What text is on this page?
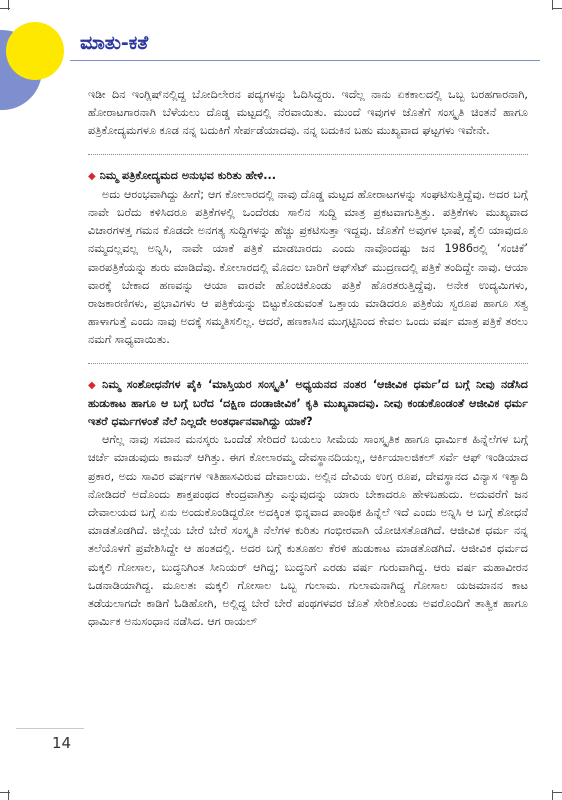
ಮಾತು-ಕತೆ

ಇಡೀ ದಿನ ಇಂಗ್ಲಿಷ್‌ನಲ್ಲಿದ್ದ ಬೋದಿಲೇರನ ಪದ್ಯಗಳನ್ನು ಓದಿಸಿದ್ದರು. ಇದೆಲ್ಲ ನಾನು ಏಕಕಾಲದಲ್ಲಿ ಒಬ್ಬ ಬರಹಗಾರನಾಗಿ, ಹೋರಾಟಗಾರನಾಗಿ ಬೆಳೆಯಲು ದೊಡ್ಡ ಮಟ್ಟದಲ್ಲಿ ನೆರವಾಯಿತು. ಮುಂದೆ ಇವುಗಳ ಜೊತೆಗೆ ಸಂಸ್ಕೃತಿ ಚಿಂತನೆ ಹಾಗೂ ಪತ್ರಿಕೋದ್ಯಮಗಳೂ ಕೂಡ ನನ್ನ ಬದುಕಿಗೆ ಸೇರ್ಪಡೆಯಾದವು. ನನ್ನ ಬದುಕಿನ ಬಹು ಮುಖ್ಯವಾದ ಘಟ್ಟಗಳು ಇವೇನೇ.

◆ ನಿಮ್ಮ ಪತ್ರಿಕೋದ್ಯಮದ ಅನುಭವ ಕುರಿತು ಹೇಳಿ...

ಅದು ಆರಂಭವಾಗಿದ್ದು ಹೀಗೆ; ಆಗ ಕೋಲಾರದಲ್ಲಿ ನಾವು ದೊಡ್ಡ ಮಟ್ಟದ ಹೋರಾಟಗಳನ್ನು ಸಂಘಟಿಸುತ್ತಿದ್ದೆವು. ಅದರ ಬಗ್ಗೆ ನಾವೇ ಬರೆದು ಕಳಿಸಿದರೂ ಪತ್ರಿಕೆಗಳಲ್ಲಿ ಒಂದೆರಡು ಸಾಲಿನ ಸುದ್ದಿ ಮಾತ್ರ ಪ್ರಕಟವಾಗುತ್ತಿತ್ತು. ಪತ್ರಿಕೆಗಳು ಮುಖ್ಯವಾದ ವಿಚಾರಗಳತ್ತ ಗಮನ ಕೊಡದೇ ಅನಗತ್ಯ ಸುದ್ದಿಗಳನ್ನು ಹೆಚ್ಚು ಪ್ರಕಟಿಸುತ್ತಾ ಇದ್ದವು. ಜೊತೆಗೆ ಅವುಗಳ ಭಾಷೆ, ಶೈಲಿ ಯಾವುದೂ ನಮ್ಮದಲ್ಲವಲ್ಲ ಅನ್ನಿಸಿ, ನಾವೇ ಯಾಕೆ ಪತ್ರಿಕೆ ಮಾಡಬಾರದು ಎಂದು ನಾವೊಂದಷ್ಟು ಜನ 1986ರಲ್ಲಿ ‘ಸಂಚಿಕೆ’ ವಾರಪತ್ರಿಕೆಯನ್ನು ಶುರು ಮಾಡಿದೆವು. ಕೋಲಾರದಲ್ಲಿ ಮೊದಲ ಬಾರಿಗೆ ಆಫ್‌ಸೆಟ್ ಮುದ್ರಣದಲ್ಲಿ ಪತ್ರಿಕೆ ತಂದಿದ್ದೇ ನಾವು. ಆಯಾ ವಾರಕ್ಕೆ ಬೇಕಾದ ಹಣವನ್ನು ಆಯಾ ವಾರವೇ ಹೊಂಚಿಕೊಂಡು ಪತ್ರಿಕೆ ಹೊರತರುತ್ತಿದ್ದೆವು. ಅನೇಕ ಉದ್ಯಮಿಗಳು, ರಾಜಕಾರಣಿಗಳು, ಪ್ರಭಾವಿಗಳು ಆ ಪತ್ರಿಕೆಯನ್ನು ಬಿಟ್ಟುಕೊಡುವಂತೆ ಒತ್ತಾಯ ಮಾಡಿದರೂ ಪತ್ರಿಕೆಯ ಸ್ವರೂಪ ಹಾಗೂ ಸತ್ವ ಹಾಳಾಗುತ್ತೆ ಎಂದು ನಾವು ಅದಕ್ಕೆ ಸಮ್ಮತಿಸಲಿಲ್ಲ. ಆದರೆ, ಹಣಕಾಸಿನ ಮುಗ್ಗಟ್ಟಿನಿಂದ ಕೇವಲ ಒಂದು ವರ್ಷ ಮಾತ್ರ ಪತ್ರಿಕೆ ತರಲು ನಮಗೆ ಸಾಧ್ಯವಾಯಿತು.

◆ ನಿಮ್ಮ ಸಂಶೋಧನೆಗಳ ಪೈಕಿ ‘ಮಾಸ್ತಿಯರ ಸಂಸ್ಕೃತಿ’ ಅಧ್ಯಯನದ ನಂತರ ‘ಆಜೀವಿಕ ಧರ್ಮ’ದ ಬಗ್ಗೆ ನೀವು ನಡೆಸಿದ ಹುಡುಕಾಟ ಹಾಗೂ ಆ ಬಗ್ಗೆ ಬರೆದ ‘ದಕ್ಷಿಣ ದಂಡಾಜೀವಿಕ’ ಕೃತಿ ಮುಖ್ಯವಾದವು. ನೀವು ಕಂಡುಕೊಂಡಂತೆ ಆಜೀವಿಕ ಧರ್ಮ ಇತರೆ ಧರ್ಮಗಳಂತೆ ನೆಲೆ ನಿಲ್ಲದೇ ಅಂತರ್ಧಾನವಾಗಿದ್ದು ಯಾಕೆ?

ಆಗೆಲ್ಲ ನಾವು ಸಮಾನ ಮನಸ್ಕರು ಒಂದೆಡೆ ಸೇರಿದರೆ ಬಯಲು ಸೀಮೆಯ ಸಾಂಸ್ಕೃತಿಕ ಹಾಗೂ ಧಾರ್ಮಿಕ ಹಿನ್ನೆಲೆಗಳ ಬಗ್ಗೆ ಚರ್ಚೆ ಮಾಡುವುದು ಕಾಮನ್ ಆಗಿತ್ತು. ಈಗ ಕೋಲಾರಮ್ಮ ದೇವಸ್ಥಾನದಿಯಲ್ಲ, ಆರ್ಕಿಯಾಲಜಿಕಲ್ ಸರ್ವೆ ಆಫ್ ಇಂಡಿಯಾದ ಪ್ರಕಾರ, ಅದು ಸಾವಿರ ವರ್ಷಗಳ ಇತಿಹಾಸವಿರುವ ದೇವಾಲಯ. ಅಲ್ಲಿನ ದೇವಿಯ ಉಗ್ರ ರೂಪ, ದೇವಸ್ಥಾನದ ವಿನ್ಯಾಸ ಇತ್ಯಾದಿ ನೋಡಿದರೆ ಅದೊಂದು ಶಾಕ್ತಪಂಥದ ಕೇಂದ್ರವಾಗಿತ್ತು ಎನ್ನುವುದನ್ನು ಯಾರು ಬೇಕಾದರೂ ಹೇಳಬಹುದು. ಅದುವರೆಗೆ ಜನ ದೇವಾಲಯದ ಬಗ್ಗೆ ಏನು ಅಂದುಕೊಂಡಿದ್ದರೋ ಅದಕ್ಕಿಂತ ಭಿನ್ನವಾದ ಪಾಂಥಿಕ ಹಿನ್ನೆಲೆ ಇದೆ ಎಂದು ಅನ್ನಿಸಿ ಆ ಬಗ್ಗೆ ಶೋಧನೆ ಮಾಡತೊಡಗಿದೆ. ಜಿಲ್ಲೆಯ ಬೇರೆ ಬೇರೆ ಸಂಸ್ಕೃತಿ ನೆಲೆಗಳ ಕುರಿತು ಗಂಭೀರವಾಗಿ ಯೋಚಿಸತೊಡಗಿದೆ. ಆಜೀವಿಕ ಧರ್ಮ ನನ್ನ ತಲೆಯೊಳಗೆ ಪ್ರವೇಶಿಸಿದ್ದೇ ಆ ಹಂತದಲ್ಲಿ. ಅದರ ಬಗ್ಗೆ ಕುತೂಹಲ ಕೆರಳಿ ಹುಡುಕಾಟ ಮಾಡತೊಡಗಿದೆ. ಆಜೀವಿಕ ಧರ್ಮದ ಮಕ್ಕಲಿ ಗೋಸಾಲ, ಬುದ್ಧನಿಗಿಂತ ಸೀನಿಯರ್ ಆಗಿದ್ದ; ಬುದ್ಧನಿಗೆ ಎರಡು ವರ್ಷ ಗುರುವಾಗಿದ್ದ. ಆರು ವರ್ಷ ಮಹಾವೀರನ ಒಡನಾಡಿಯಾಗಿದ್ದ. ಮೂಲತಃ ಮಕ್ಕಲಿ ಗೋಸಾಲ ಒಬ್ಬ ಗುಲಾಮ. ಗುಲಾಮನಾಗಿದ್ದ ಗೋಸಾಲ ಯಜಮಾನನ ಕಾಟ ತಡೆಯಲಾಗದೇ ಕಾಡಿಗೆ ಓಡಿಹೋಗಿ, ಅಲ್ಲಿದ್ದ ಬೇರೆ ಬೇರೆ ಪಂಥಗಳವರ ಜೊತೆ ಸೇರಿಕೊಂಡು ಅವರೊಂದಿಗೆ ತಾತ್ವಿಕ ಹಾಗೂ ಧಾರ್ಮಿಕ ಅನುಸಂಧಾನ ನಡೆಸಿದ. ಆಗ ರಾಯಲ್

14
